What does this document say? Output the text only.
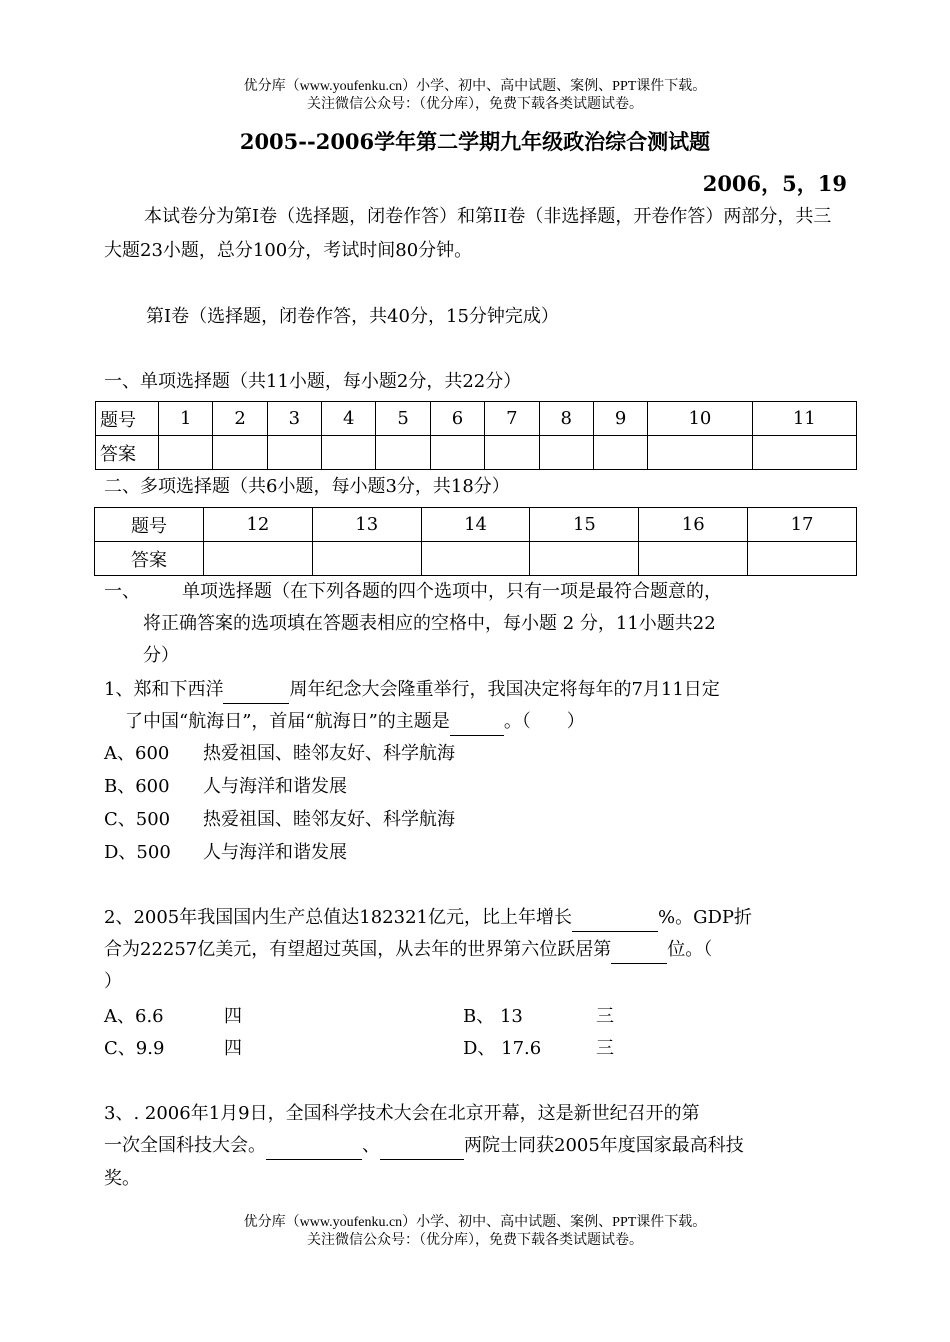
优分库（www.youfenku.cn）小学、初中、高中试题、案例、PPT课件下载。
关注微信公众号：（优分库），免费下载各类试题试卷。
2005--2006学年第二学期九年级政治综合测试题
2006，5，19
本试卷分为第I卷（选择题，闭卷作答）和第II卷（非选择题，开卷作答）两部分，共三大题23小题，总分100分，考试时间80分钟。
第I卷（选择题，闭卷作答，共40分，15分钟完成）
一、单项选择题（共11小题，每小题2分，共22分）
题号	1	2	3	4	5	6	7	8	9	10	11
答案											
二、多项选择题（共6小题，每小题3分，共18分）
题号	12	13	14	15	16	17
答案						
一、 单项选择题（在下列各题的四个选项中，只有一项是最符合题意的，
将正确答案的选项填在答题表相应的空格中，每小题 2 分，11小题共22
分）
1、郑和下西洋	周年纪念大会隆重举行，我国决定将每年的7月11日定
了中国“航海日”，首届“航海日”的主题是	。（　　）
A、600 热爱祖国、睦邻友好、科学航海
B、600 人与海洋和谐发展
C、500 热爱祖国、睦邻友好、科学航海
D、500 人与海洋和谐发展
2、2005年我国国内生产总值达182321亿元，比上年增长	%。GDP折
合为22257亿美元，有望超过英国，从去年的世界第六位跃居第	位。（
）
A、6.6	四	B、 13	三
C、9.9	四	D、 17.6	三
3、. 2006年1月9日，全国科学技术大会在北京开幕，这是新世纪召开的第
一次全国科技大会。	、	两院士同获2005年度国家最高科技
奖。
优分库（www.youfenku.cn）小学、初中、高中试题、案例、PPT课件下载。
关注微信公众号：（优分库），免费下载各类试题试卷。
